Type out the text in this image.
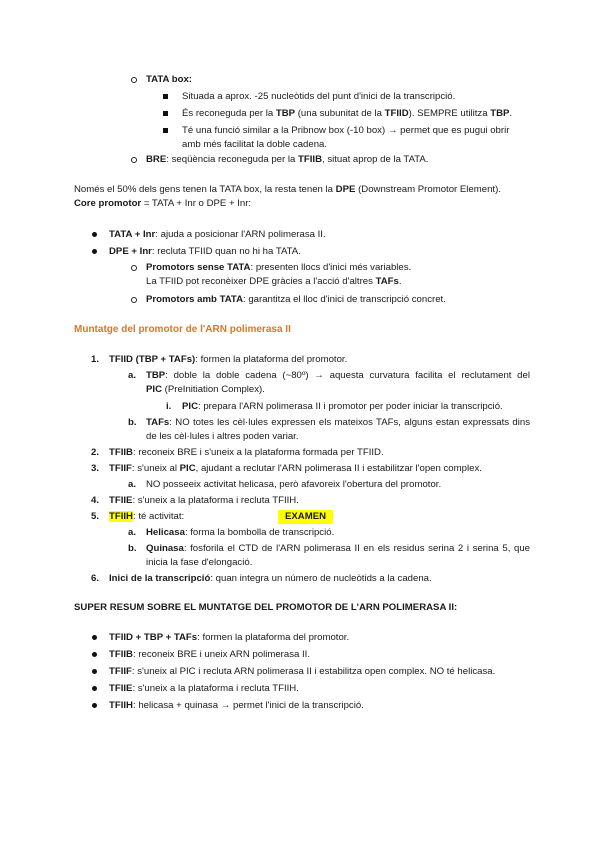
TATA box:
Situada a aprox. -25 nucleòtids del punt d'inici de la transcripció.
És reconeguda per la TBP (una subunitat de la TFIID). SEMPRE utilitza TBP.
Té una funció similar a la Pribnow box (-10 box) → permet que es pugui obrir
amb més facilitat la doble cadena.
BRE: seqüència reconeguda per la TFIIB, situat aprop de la TATA.
Només el 50% dels gens tenen la TATA box, la resta tenen la DPE (Downstream Promotor Element).
Core promotor = TATA + Inr o DPE + Inr:
TATA + Inr: ajuda a posicionar l'ARN polimerasa II.
DPE + Inr: recluta TFIID quan no hi ha TATA.
Promotors sense TATA: presenten llocs d'inici més variables.
La TFIID pot reconèixer DPE gràcies a l'acció d'altres TAFs.
Promotors amb TATA: garantitza el lloc d'inici de transcripció concret.
Muntatge del promotor de l'ARN polimerasa II
1. TFIID (TBP + TAFs): formen la plataforma del promotor.
a. TBP: doble la doble cadena (~80º) → aquesta curvatura facilita el reclutament del
PIC (PreInitiation Complex).
i. PIC: prepara l'ARN polimerasa II i promotor per poder iniciar la transcripció.
b. TAFs: NO totes les cèl·lules expressen els mateixos TAFs, alguns estan expressats dins
de les cèl·lules i altres poden variar.
2. TFIIB: reconeix BRE i s'uneix a la plataforma formada per TFIID.
3. TFIIF: s'uneix al PIC, ajudant a reclutar l'ARN polimerasa II i estabilitzar l'open complex.
a. NO posseeix activitat helicasa, però afavoreix l'obertura del promotor.
4. TFIIE: s'uneix a la plataforma i recluta TFIIH.
5. TFIIH: té activitat:	EXAMEN
a. Helicasa: forma la bombolla de transcripció.
b. Quinasa: fosforila el CTD de l'ARN polimerasa II en els residus serina 2 i serina 5, que
inicia la fase d'elongació.
6. Inici de la transcripció: quan integra un número de nucleòtids a la cadena.
SUPER RESUM SOBRE EL MUNTATGE DEL PROMOTOR DE L'ARN POLIMERASA II:
TFIID + TBP + TAFs: formen la plataforma del promotor.
TFIIB: reconeix BRE i uneix ARN polimerasa II.
TFIIF: s'uneix al PIC i recluta ARN polimerasa II i estabilitza open complex. NO té helicasa.
TFIIE: s'uneix a la plataforma i recluta TFIIH.
TFIIH: helicasa + quinasa → permet l'inici de la transcripció.
